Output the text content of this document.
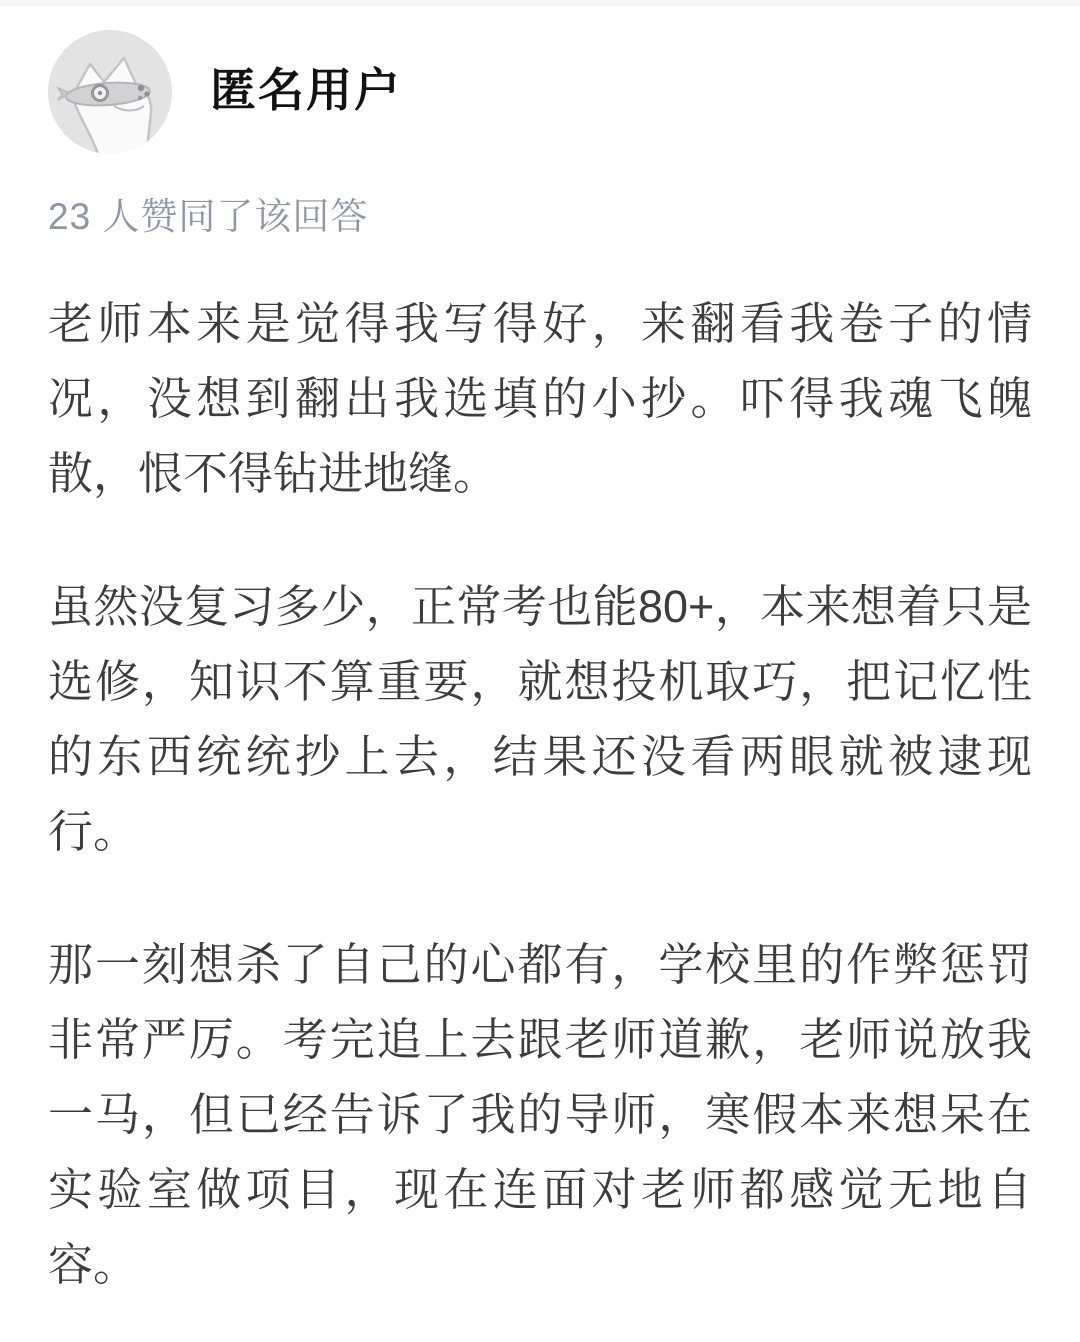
匿名用户
23 人赞同了该回答

老师本来是觉得我写得好，来翻看我卷子的情况，没想到翻出我选填的小抄。吓得我魂飞魄散，恨不得钻进地缝。

虽然没复习多少，正常考也能80+，本来想着只是选修，知识不算重要，就想投机取巧，把记忆性的东西统统抄上去，结果还没看两眼就被逮现行。

那一刻想杀了自己的心都有，学校里的作弊惩罚非常严厉。考完追上去跟老师道歉，老师说放我一马，但已经告诉了我的导师，寒假本来想呆在实验室做项目，现在连面对老师都感觉无地自容。
